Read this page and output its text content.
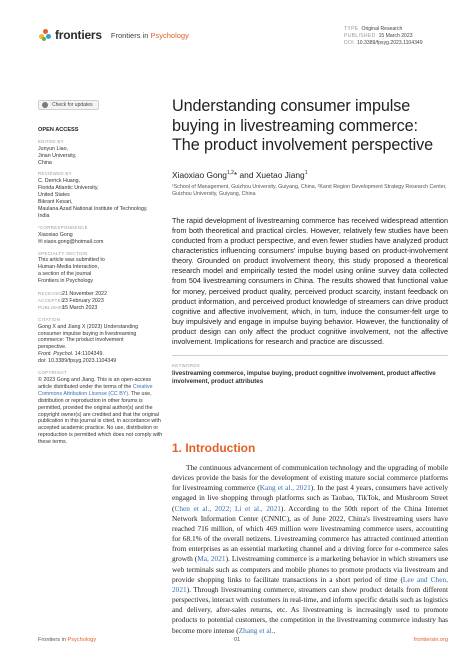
frontiers Frontiers in Psychology
TYPE Original Research
PUBLISHED 15 March 2023
DOI 10.3389/fpsyg.2023.1104349
Check for updates
OPEN ACCESS
EDITED BY
Junyun Liao,
Jinan University,
China
REVIEWED BY
C. Derrick Huang,
Florida Atlantic University,
United States
Bikrant Kesari,
Maulana Azad National Institute of Technology,
India
*CORRESPONDENCE
Xiaoxiao Gong
✉ xiaox.gong@hotmail.com
SPECIALTY SECTION
This article was submitted to
Human-Media Interaction,
a section of the journal
Frontiers in Psychology
RECEIVED 21 November 2022
ACCEPTED
23 February 2023
PUBLISHED
15 March 2023
CITATION
Gong X and Jiang X (2023) Understanding
consumer impulse buying in livestreaming
commerce: The product involvement
perspective.
Front. Psychol. 14:1104349.
doi: 10.3389/fpsyg.2023.1104349
COPYRIGHT
© 2023 Gong and Jiang. This is an open-access article distributed under the terms of the Creative Commons Attribution License (CC BY). The use, distribution or reproduction in other forums is permitted, provided the original author(s) and the copyright owner(s) are credited and that the original publication in this journal is cited, in accordance with accepted academic practice. No use, distribution or reproduction is permitted which does not comply with these terms.
Understanding consumer impulse buying in livestreaming commerce: The product involvement perspective
Xiaoxiao Gong$^{1,2}$* and Xuetao Jiang$^1$
¹School of Management, Guizhou University, Guiyang, China, ²Karst Region Development Strategy Research Center, Guizhou University, Guiyang, China

The rapid development of livestreaming commerce has received widespread attention from both theoretical and practical circles. However, relatively few studies have been conducted from a product perspective, and even fewer studies have analyzed product characteristics influencing consumers' impulse buying based on product-involvement theory. Grounded on product involvement theory, this study proposed a theoretical research model and empirically tested the model using online survey data collected from 504 livestreaming consumers in China. The results showed that functional value for money, perceived product quality, perceived product scarcity, instant feedback on product information, and perceived product knowledge of streamers can drive product cognitive and affective involvement, which, in turn, induce the consumer-felt urge to buy impulsively and engage in impulse buying behavior. However, the functionality of product design can only affect the product cognitive involvement, not the affective involvement. Implications for research and practice are discussed.

KEYWORDS
livestreaming commerce, impulse buying, product cognitive involvement, product affective involvement, product attributes
1. Introduction

The continuous advancement of communication technology and the upgrading of mobile devices provide the basis for the development of existing mature social commerce platforms for livestreaming commerce (Kang et al., 2021). In the past 4 years, consumers have actively engaged in live shopping through platforms such as Taobao, TikTok, and Mushroom Street (Chen et al., 2022; Li et al., 2021). According to the 50th report of the China Internet Network Information Center (CNNIC), as of June 2022, China's livestreaming users have reached 716 million, of which 469 million were livestreaming commerce users, accounting for 68.1% of the overall netizens. Livestreaming commerce has attracted continued attention from enterprises as an essential marketing channel and a driving force for e-commerce sales growth (Ma, 2021). Livestreaming commerce is a marketing behavior in which streamers use web terminals such as computers and mobile phones to promote products via livestream and provide shopping links to facilitate transactions in a short period of time (Lee and Chen, 2021). Through livestreaming commerce, streamers can show product details from different perspectives, interact with customers in real-time, and inform specific details such as logistics and delivery, after-sales returns, etc. As livestreaming is increasingly used to promote products to potential customers, the competition in the livestreaming commerce industry has become more intense (Zhang et al.,

Frontiers in Psychology	01	frontiersin.org
